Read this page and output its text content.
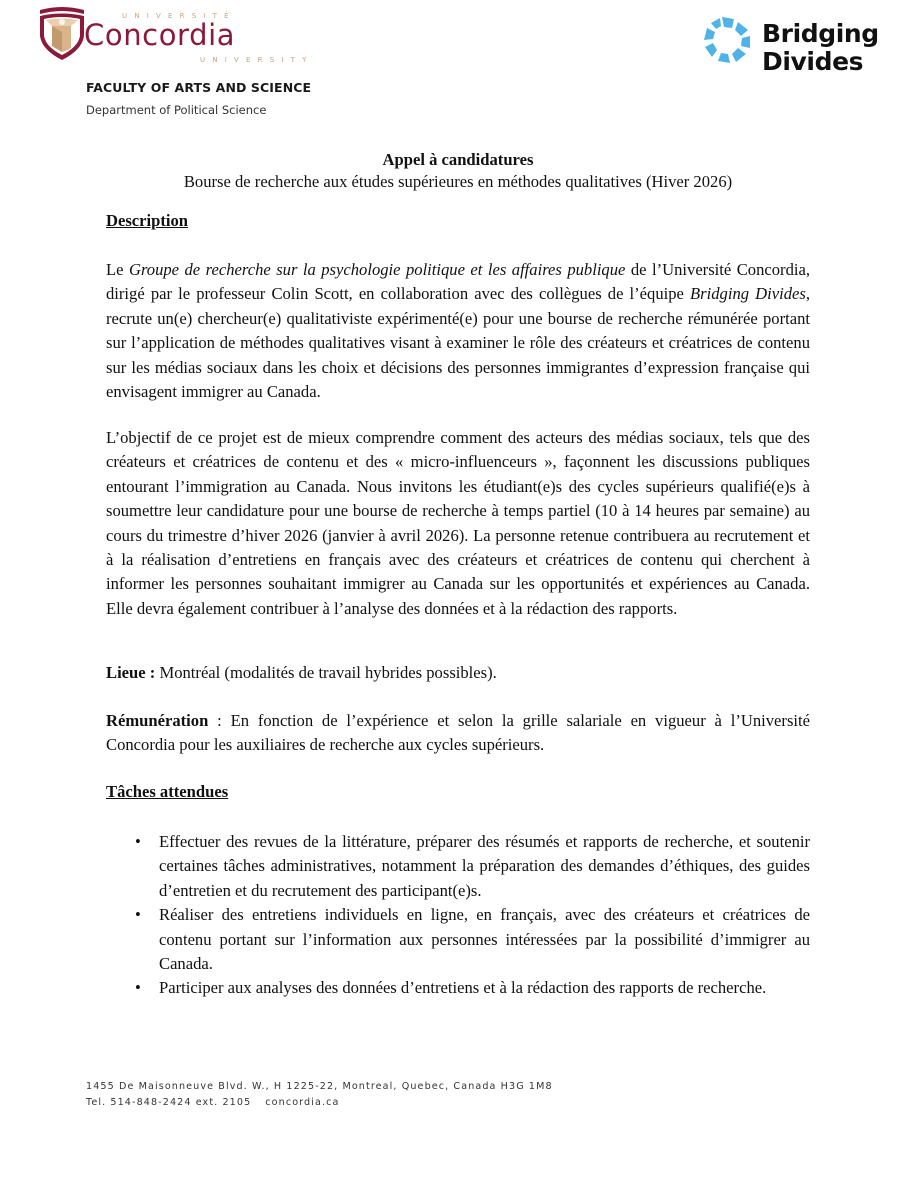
UNIVERSITÉ
Concordia
UNIVERSITY
FACULTY OF ARTS AND SCIENCE
Department of Political Science
Bridging
Divides
Appel à candidatures
Bourse de recherche aux études supérieures en méthodes qualitatives (Hiver 2026)
Description

Le Groupe de recherche sur la psychologie politique et les affaires publique de l’Université Concordia, dirigé par le professeur Colin Scott, en collaboration avec des collègues de l’équipe Bridging Divides, recrute un(e) chercheur(e) qualitativiste expérimenté(e) pour une bourse de recherche rémunérée portant sur l’application de méthodes qualitatives visant à examiner le rôle des créateurs et créatrices de contenu sur les médias sociaux dans les choix et décisions des personnes immigrantes d’expression française qui envisagent immigrer au Canada.

L’objectif de ce projet est de mieux comprendre comment des acteurs des médias sociaux, tels que des créateurs et créatrices de contenu et des « micro-influenceurs », façonnent les discussions publiques entourant l’immigration au Canada. Nous invitons les étudiant(e)s des cycles supérieurs qualifié(e)s à soumettre leur candidature pour une bourse de recherche à temps partiel (10 à 14 heures par semaine) au cours du trimestre d’hiver 2026 (janvier à avril 2026). La personne retenue contribuera au recrutement et à la réalisation d’entretiens en français avec des créateurs et créatrices de contenu qui cherchent à informer les personnes souhaitant immigrer au Canada sur les opportunités et expériences au Canada. Elle devra également contribuer à l’analyse des données et à la rédaction des rapports.

Lieue : Montréal (modalités de travail hybrides possibles).

Rémunération : En fonction de l’expérience et selon la grille salariale en vigueur à l’Université Concordia pour les auxiliaires de recherche aux cycles supérieurs.

Tâches attendues
• Effectuer des revues de la littérature, préparer des résumés et rapports de recherche, et soutenir certaines tâches administratives, notamment la préparation des demandes d’éthiques, des guides d’entretien et du recrutement des participant(e)s.
• Réaliser des entretiens individuels en ligne, en français, avec des créateurs et créatrices de contenu portant sur l’information aux personnes intéressées par la possibilité d’immigrer au Canada.
• Participer aux analyses des données d’entretiens et à la rédaction des rapports de recherche.
1455 De Maisonneuve Blvd. W., H 1225-22, Montreal, Quebec, Canada H3G 1M8
Tel. 514-848-2424 ext. 2105 concordia.ca
